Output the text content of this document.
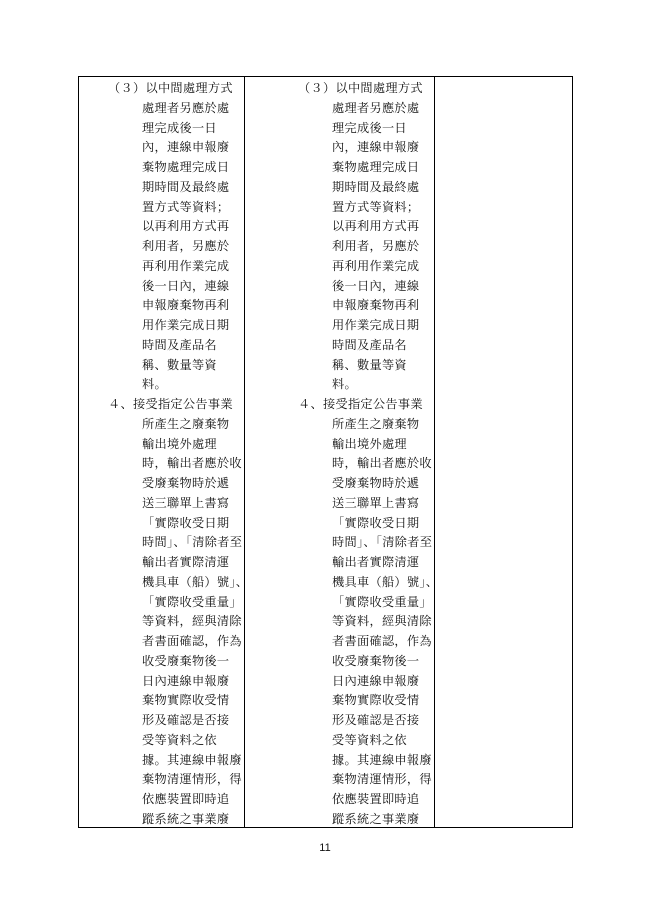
（３）以中間處理方式
處理者另應於處
理完成後一日
內，連線申報廢
棄物處理完成日
期時間及最終處
置方式等資料；
以再利用方式再
利用者，另應於
再利用作業完成
後一日內，連線
申報廢棄物再利
用作業完成日期
時間及產品名
稱、數量等資
料。
４、接受指定公告事業
所產生之廢棄物
輸出境外處理
時，輸出者應於收
受廢棄物時於遞
送三聯單上書寫
「實際收受日期
時間」、「清除者至
輸出者實際清運
機具車（船）號」、
「實際收受重量」
等資料，經與清除
者書面確認，作為
收受廢棄物後一
日內連線申報廢
棄物實際收受情
形及確認是否接
受等資料之依
據。其連線申報廢
棄物清運情形，得
依應裝置即時追
蹤系統之事業廢
（３）以中間處理方式
處理者另應於處
理完成後一日
內，連線申報廢
棄物處理完成日
期時間及最終處
置方式等資料；
以再利用方式再
利用者，另應於
再利用作業完成
後一日內，連線
申報廢棄物再利
用作業完成日期
時間及產品名
稱、數量等資
料。
４、接受指定公告事業
所產生之廢棄物
輸出境外處理
時，輸出者應於收
受廢棄物時於遞
送三聯單上書寫
「實際收受日期
時間」、「清除者至
輸出者實際清運
機具車（船）號」、
「實際收受重量」
等資料，經與清除
者書面確認，作為
收受廢棄物後一
日內連線申報廢
棄物實際收受情
形及確認是否接
受等資料之依
據。其連線申報廢
棄物清運情形，得
依應裝置即時追
蹤系統之事業廢
11
